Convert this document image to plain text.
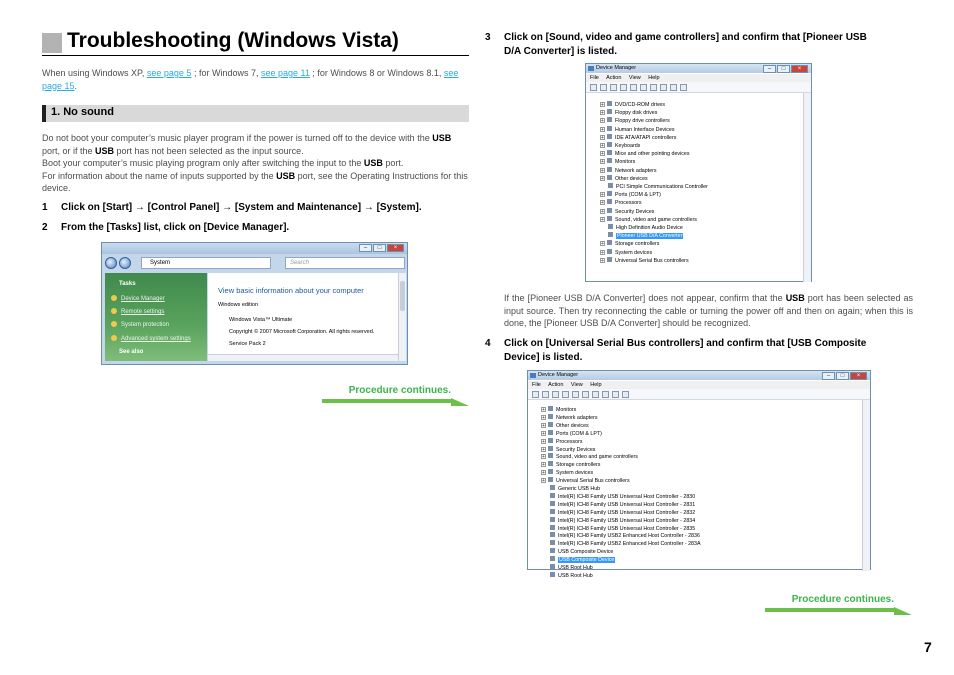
Troubleshooting (Windows Vista)

When using Windows XP, see page 5 ; for Windows 7, see page 11 ; for Windows 8 or Windows 8.1, see page 15.

1. No sound

Do not boot your computer’s music player program if the power is turned off to the device with the USB port, or if the USB port has not been selected as the input source.

Boot your computer’s music playing program only after switching the input to the USB port.

For information about the name of inputs supported by the USB port, see the Operating Instructions for this device.

1 Click on [Start] → [Control Panel] → [System and Maintenance] → [System].
2 From the [Tasks] list, click on [Device Manager].
–	□	×
System	Search
Tasks
Device Manager
Remote settings
System protection
Advanced system settings
See also
View basic information about your computer
Windows edition
Windows Vista™ Ultimate
Copyright © 2007 Microsoft Corporation. All rights reserved.
Service Pack 2
Procedure continues.
3 Click on [Sound, video and game controllers] and confirm that [Pioneer USB
D/A Converter] is listed.
Device Manager	–	□	×
File Action View Help
+ DVD/CD-ROM drives
+ Floppy disk drives
+ Floppy drive controllers
+ Human Interface Devices
+ IDE ATA/ATAPI controllers
+ Keyboards
+ Mice and other pointing devices
+ Monitors
+ Network adapters
+ Other devices
PCI Simple Communications Controller
+ Ports (COM & LPT)
+ Processors
+ Security Devices
+ Sound, video and game controllers
High Definition Audio Device
Pioneer USB D/A Converter
+ Storage controllers
+ System devices
+ Universal Serial Bus controllers

If the [Pioneer USB D/A Converter] does not appear, confirm that the USB port has been selected as input source. Then try reconnecting the cable or turning the power off and then on again; when this is done, the [Pioneer USB D/A Converter] should be recognized.

4 Click on [Universal Serial Bus controllers] and confirm that [USB Composite
Device] is listed.
Device Manager	–	□	×
File Action View Help
+ Monitors
+ Network adapters
+ Other devices
+ Ports (COM & LPT)
+ Processors
+ Security Devices
+ Sound, video and game controllers
+ Storage controllers
+ System devices
+ Universal Serial Bus controllers
Generic USB Hub
Intel(R) ICH8 Family USB Universal Host Controller - 2830
Intel(R) ICH8 Family USB Universal Host Controller - 2831
Intel(R) ICH8 Family USB Universal Host Controller - 2832
Intel(R) ICH8 Family USB Universal Host Controller - 2834
Intel(R) ICH8 Family USB Universal Host Controller - 2835
Intel(R) ICH8 Family USB2 Enhanced Host Controller - 2836
Intel(R) ICH8 Family USB2 Enhanced Host Controller - 283A
USB Composite Device
USB Composite Device
USB Root Hub
USB Root Hub
Procedure continues.
7
